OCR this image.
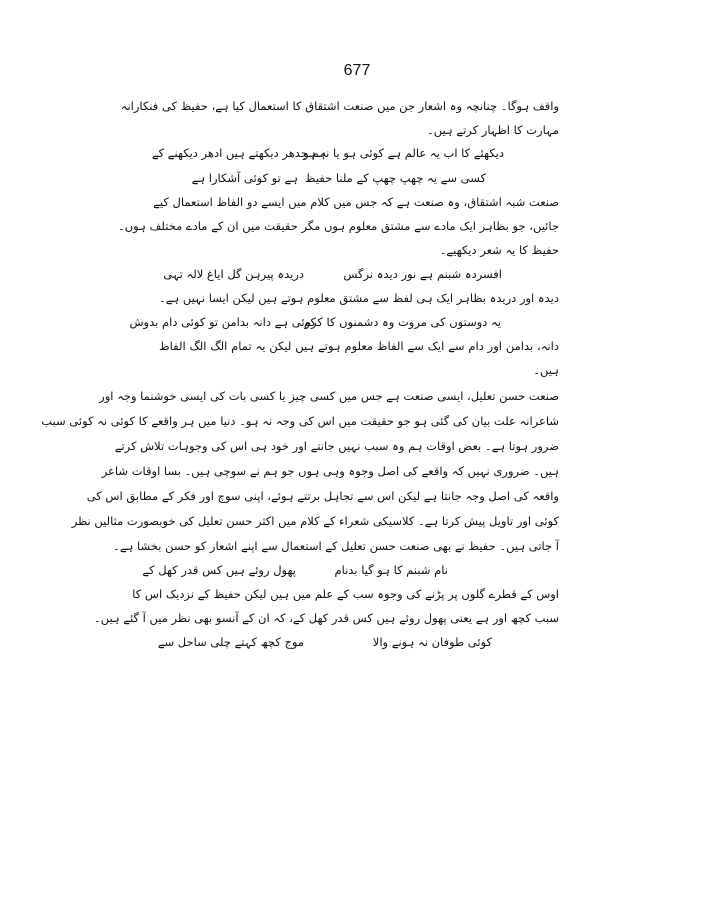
677
واقف ہوگا۔ چنانچہ وہ اشعار جن میں صنعت اشتقاق کا استعمال کیا ہے، حفیظ کی فنکارانہ
مہارت کا اظہار کرتے ہیں۔
دیکھئے کا اب یہ عالم ہے کوئی ہو یا نہ ہو
ہم جدھر دیکھتے ہیں ادھر دیکھنے کے
کسی سے یہ چھپ چھپ کے ملنا حفیظ
ہے تو کوئی آشکارا ہے
صنعت شبہ اشتقاق، وہ صنعت ہے کہ جس میں کلام میں ایسے دو الفاظ استعمال کیے
جائیں، جو بظاہر ایک مادے سے مشتق معلوم ہوں مگر حقیقت میں ان کے مادے مختلف ہوں۔
حفیظ کا یہ شعر دیکھیے۔
افسردہ شبنم ہے نور دیدہ نرگس
دریدہ پیرہن گل ایاغ لالہ تہی
دیدہ اور دریدہ بظاہر ایک ہی لفظ سے مشتق معلوم ہوتے ہیں لیکن ایسا نہیں ہے۔
یہ دوستوں کی مروت وہ دشمنوں کا کرم
کوئی ہے دانہ بدامن تو کوئی دام بدوش
دانہ، بدامن اور دام سے ایک سے الفاظ معلوم ہوتے ہیں لیکن یہ تمام الگ الگ الفاظ
ہیں۔
صنعت حسن تعلیل، ایسی صنعت ہے جس میں کسی چیز یا کسی بات کی ایسی خوشنما وجہ اور
شاعرانہ علت بیان کی گئی ہو جو حقیقت میں اس کی وجہ نہ ہو۔ دنیا میں ہر واقعے کا کوئی نہ کوئی سبب
ضرور ہوتا ہے۔ بعض اوقات ہم وہ سبب نہیں جانتے اور خود ہی اس کی وجوہات تلاش کرتے
ہیں۔ ضروری نہیں کہ واقعے کی اصل وجوہ وہی ہوں جو ہم نے سوچی ہیں۔ بسا اوقات شاعر
واقعہ کی اصل وجہ جانتا ہے لیکن اس سے تجاہل برتتے ہوئے، اپنی سوچ اور فکر کے مطابق اس کی
کوئی اور تاویل پیش کرتا ہے۔ کلاسیکی شعراء کے کلام میں اکثر حسن تعلیل کی خوبصورت مثالیں نظر
آ جاتی ہیں۔ حفیظ نے بھی صنعت حسن تعلیل کے استعمال سے اپنے اشعار کو حسن بخشا ہے۔
نام شبنم کا ہو گیا بدنام
پھول روئے ہیں کس قدر کھل کے
اوس کے قطرے گلوں پر پڑنے کی وجوہ سب کے علم میں ہیں لیکن حفیظ کے نزدیک اس کا
سبب کچھ اور ہے یعنی پھول روئے ہیں کس قدر کھل کے، کہ ان کے آنسو بھی نظر میں آ گئے ہیں۔
کوئی طوفان نہ ہونے والا
موج کچھ کہتے چلی ساحل سے
